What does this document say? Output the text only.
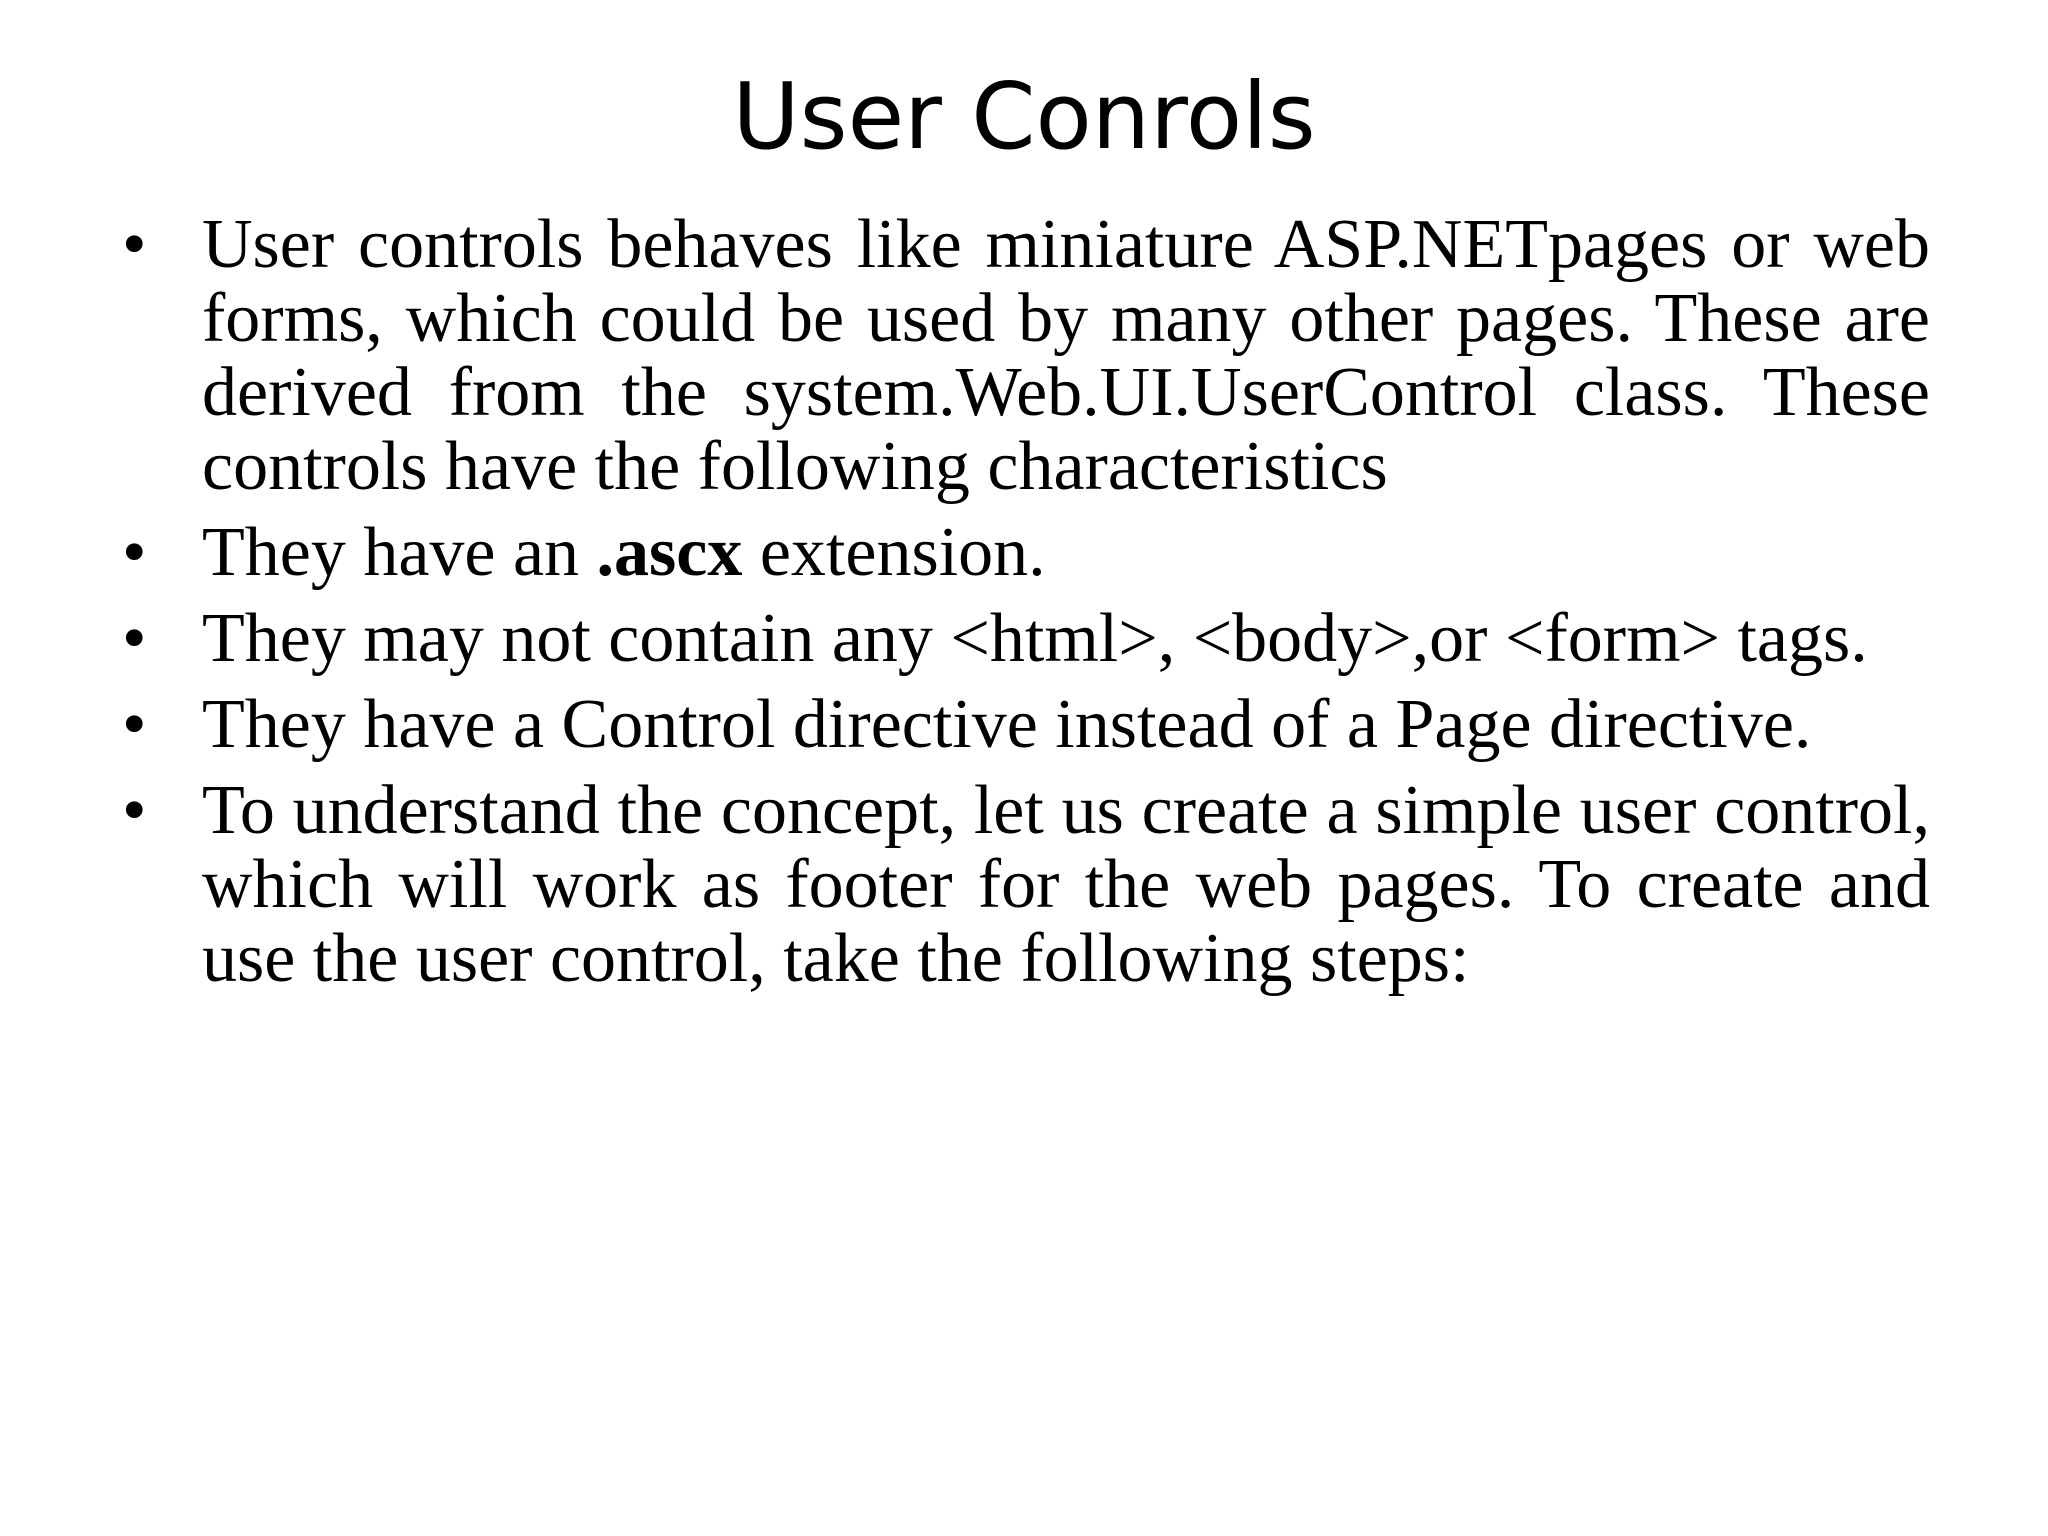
User Conrols
• User controls behaves like miniature ASP.NETpages or web forms, which could be used by many other pages. These are derived from the system.Web.UI.UserControl class. These controls have the following characteristics
• They have an .ascx extension.
• They may not contain any <html>, <body>,or <form> tags.
• They have a Control directive instead of a Page directive.
• To understand the concept, let us create a simple user control, which will work as footer for the web pages. To create and use the user control, take the following steps:
